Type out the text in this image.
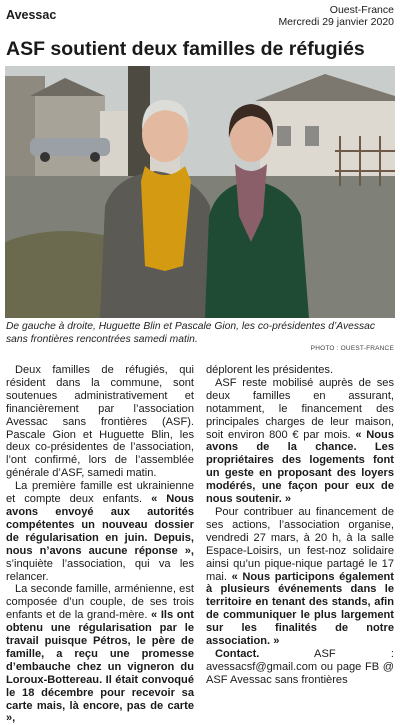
Avessac	Ouest-France
Mercredi 29 janvier 2020
ASF soutient deux familles de réfugiés
De gauche à droite, Huguette Blin et Pascale Gion, les co-présidentes d’Avessac sans frontières rencontrées samedi matin.
PHOTO : OUEST-FRANCE

Deux familles de réfugiés, qui résident dans la commune, sont soutenues administrativement et financièrement par l’association Avessac sans frontières (ASF). Pascale Gion et Huguette Blin, les deux co-présidentes de l’association, l’ont confirmé, lors de l’assemblée générale d’ASF, samedi matin.

La première famille est ukrainienne et compte deux enfants. « Nous avons envoyé aux autorités compétentes un nouveau dossier de régularisation en juin. Depuis, nous n’avons aucune réponse », s’inquiète l’association, qui va les relancer.

La seconde famille, arménienne, est composée d’un couple, de ses trois enfants et de la grand-mère. « Ils ont obtenu une régularisation par le travail puisque Pétros, le père de famille, a reçu une promesse d’embauche chez un vigneron du Loroux-Bottereau. Il était convoqué le 18 décembre pour recevoir sa carte mais, là encore, pas de carte »,

déplorent les présidentes.

ASF reste mobilisé auprès de ses deux familles en assurant, notamment, le financement des principales charges de leur maison, soit environ 800 € par mois. « Nous avons de la chance. Les propriétaires des logements font un geste en proposant des loyers modérés, une façon pour eux de nous soutenir. »

Pour contribuer au financement de ses actions, l’association organise, vendredi 27 mars, à 20 h, à la salle Espace-Loisirs, un fest-noz solidaire ainsi qu’un pique-nique partagé le 17 mai. « Nous participons également à plusieurs événements dans le territoire en tenant des stands, afin de communiquer le plus largement sur les finalités de notre association. »

Contact.	ASF : avessacsf@gmail.com ou page FB @ ASF Avessac sans frontières
